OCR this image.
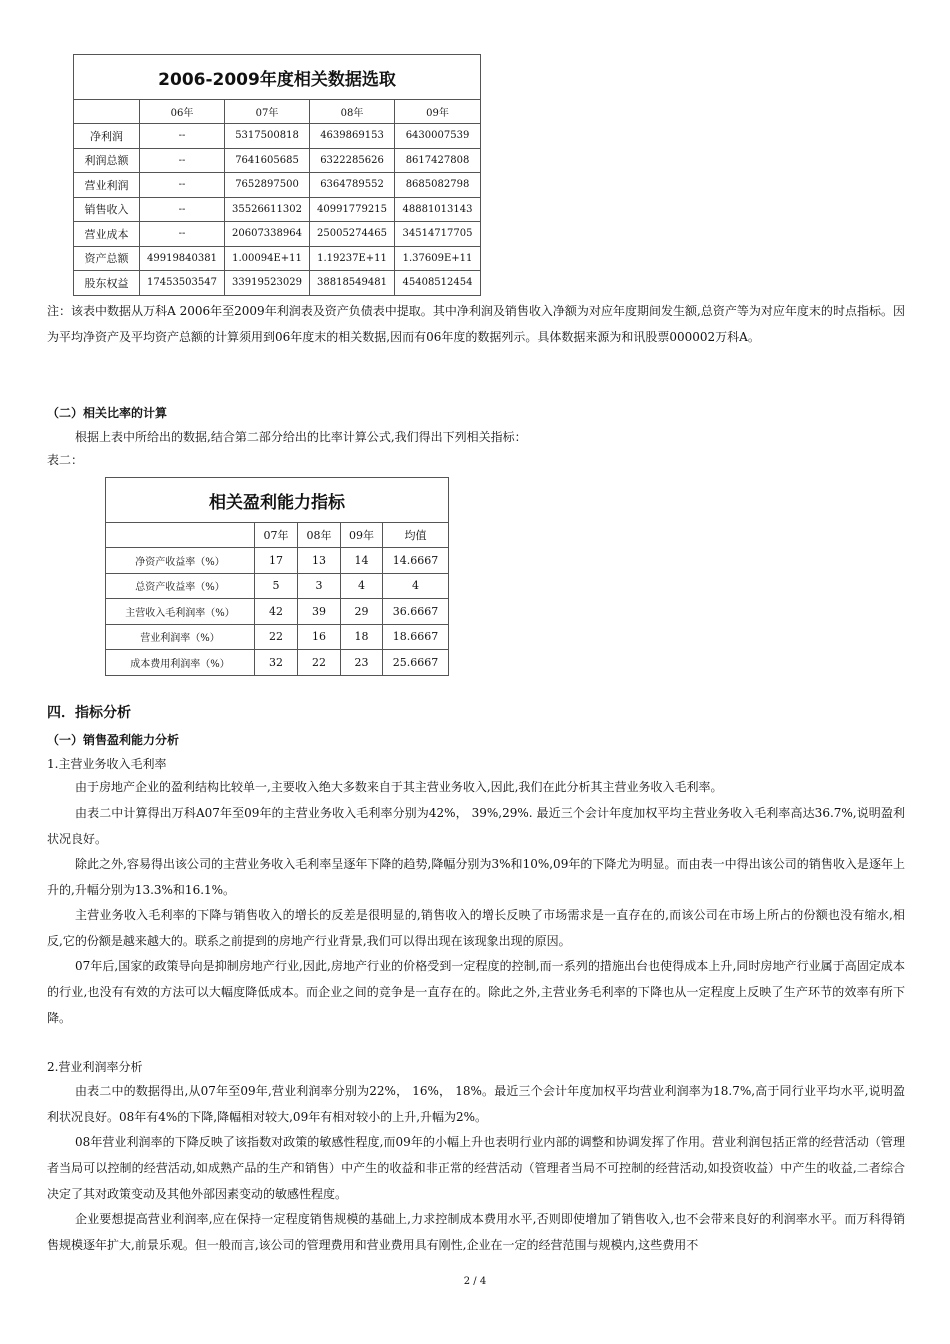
2006-2009年度相关数据选取				
	06年	07年	08年	09年
净利润	--	5317500818	4639869153	6430007539
利润总额	--	7641605685	6322285626	8617427808
营业利润	--	7652897500	6364789552	8685082798
销售收入	--	35526611302	40991779215	48881013143
营业成本	--	20607338964	25005274465	34514717705
资产总额	49919840381	1.00094E+11	1.19237E+11	1.37609E+11
股东权益	17453503547	33919523029	38818549481	45408512454
注：该表中数据从万科A 2006年至2009年利润表及资产负债表中提取。其中净利润及销售收入净额为对应年度期间发生额,总资产等为对应年度末的时点指标。因为平均净资产及平均资产总额的计算须用到06年度末的相关数据,因而有06年度的数据列示。具体数据来源为和讯股票000002万科A。
（二）相关比率的计算
根据上表中所给出的数据,结合第二部分给出的比率计算公式,我们得出下列相关指标：
表二：
相关盈利能力指标				
	07年	08年	09年	均值
净资产收益率（%）	17	13	14	14.6667
总资产收益率（%）	5	3	4	4
主营收入毛利润率（%）	42	39	29	36.6667
营业利润率（%）	22	16	18	18.6667
成本费用利润率（%）	32	22	23	25.6667
四．指标分析
（一）销售盈利能力分析
1.主营业务收入毛利率
由于房地产企业的盈利结构比较单一,主要收入绝大多数来自于其主营业务收入,因此,我们在此分析其主营业务收入毛利率。
由表二中计算得出万科A07年至09年的主营业务收入毛利率分别为42%， 39%,29%. 最近三个会计年度加权平均主营业务收入毛利率高达36.7%,说明盈利状况良好。
除此之外,容易得出该公司的主营业务收入毛利率呈逐年下降的趋势,降幅分别为3%和10%,09年的下降尤为明显。而由表一中得出该公司的销售收入是逐年上升的,升幅分别为13.3%和16.1%。
主营业务收入毛利率的下降与销售收入的增长的反差是很明显的,销售收入的增长反映了市场需求是一直存在的,而该公司在市场上所占的份额也没有缩水,相反,它的份额是越来越大的。联系之前提到的房地产行业背景,我们可以得出现在该现象出现的原因。
07年后,国家的政策导向是抑制房地产行业,因此,房地产行业的价格受到一定程度的控制,而一系列的措施出台也使得成本上升,同时房地产行业属于高固定成本的行业,也没有有效的方法可以大幅度降低成本。而企业之间的竞争是一直存在的。除此之外,主营业务毛利率的下降也从一定程度上反映了生产环节的效率有所下降。
2.营业利润率分析
由表二中的数据得出,从07年至09年,营业利润率分别为22%， 16%， 18%。最近三个会计年度加权平均营业利润率为18.7%,高于同行业平均水平,说明盈利状况良好。08年有4%的下降,降幅相对较大,09年有相对较小的上升,升幅为2%。
08年营业利润率的下降反映了该指数对政策的敏感性程度,而09年的小幅上升也表明行业内部的调整和协调发挥了作用。营业利润包括正常的经营活动（管理者当局可以控制的经营活动,如成熟产品的生产和销售）中产生的收益和非正常的经营活动（管理者当局不可控制的经营活动,如投资收益）中产生的收益,二者综合决定了其对政策变动及其他外部因素变动的敏感性程度。
企业要想提高营业利润率,应在保持一定程度销售规模的基础上,力求控制成本费用水平,否则即使增加了销售收入,也不会带来良好的利润率水平。而万科得销售规模逐年扩大,前景乐观。但一般而言,该公司的管理费用和营业费用具有刚性,企业在一定的经营范围与规模内,这些费用不
2 / 4
